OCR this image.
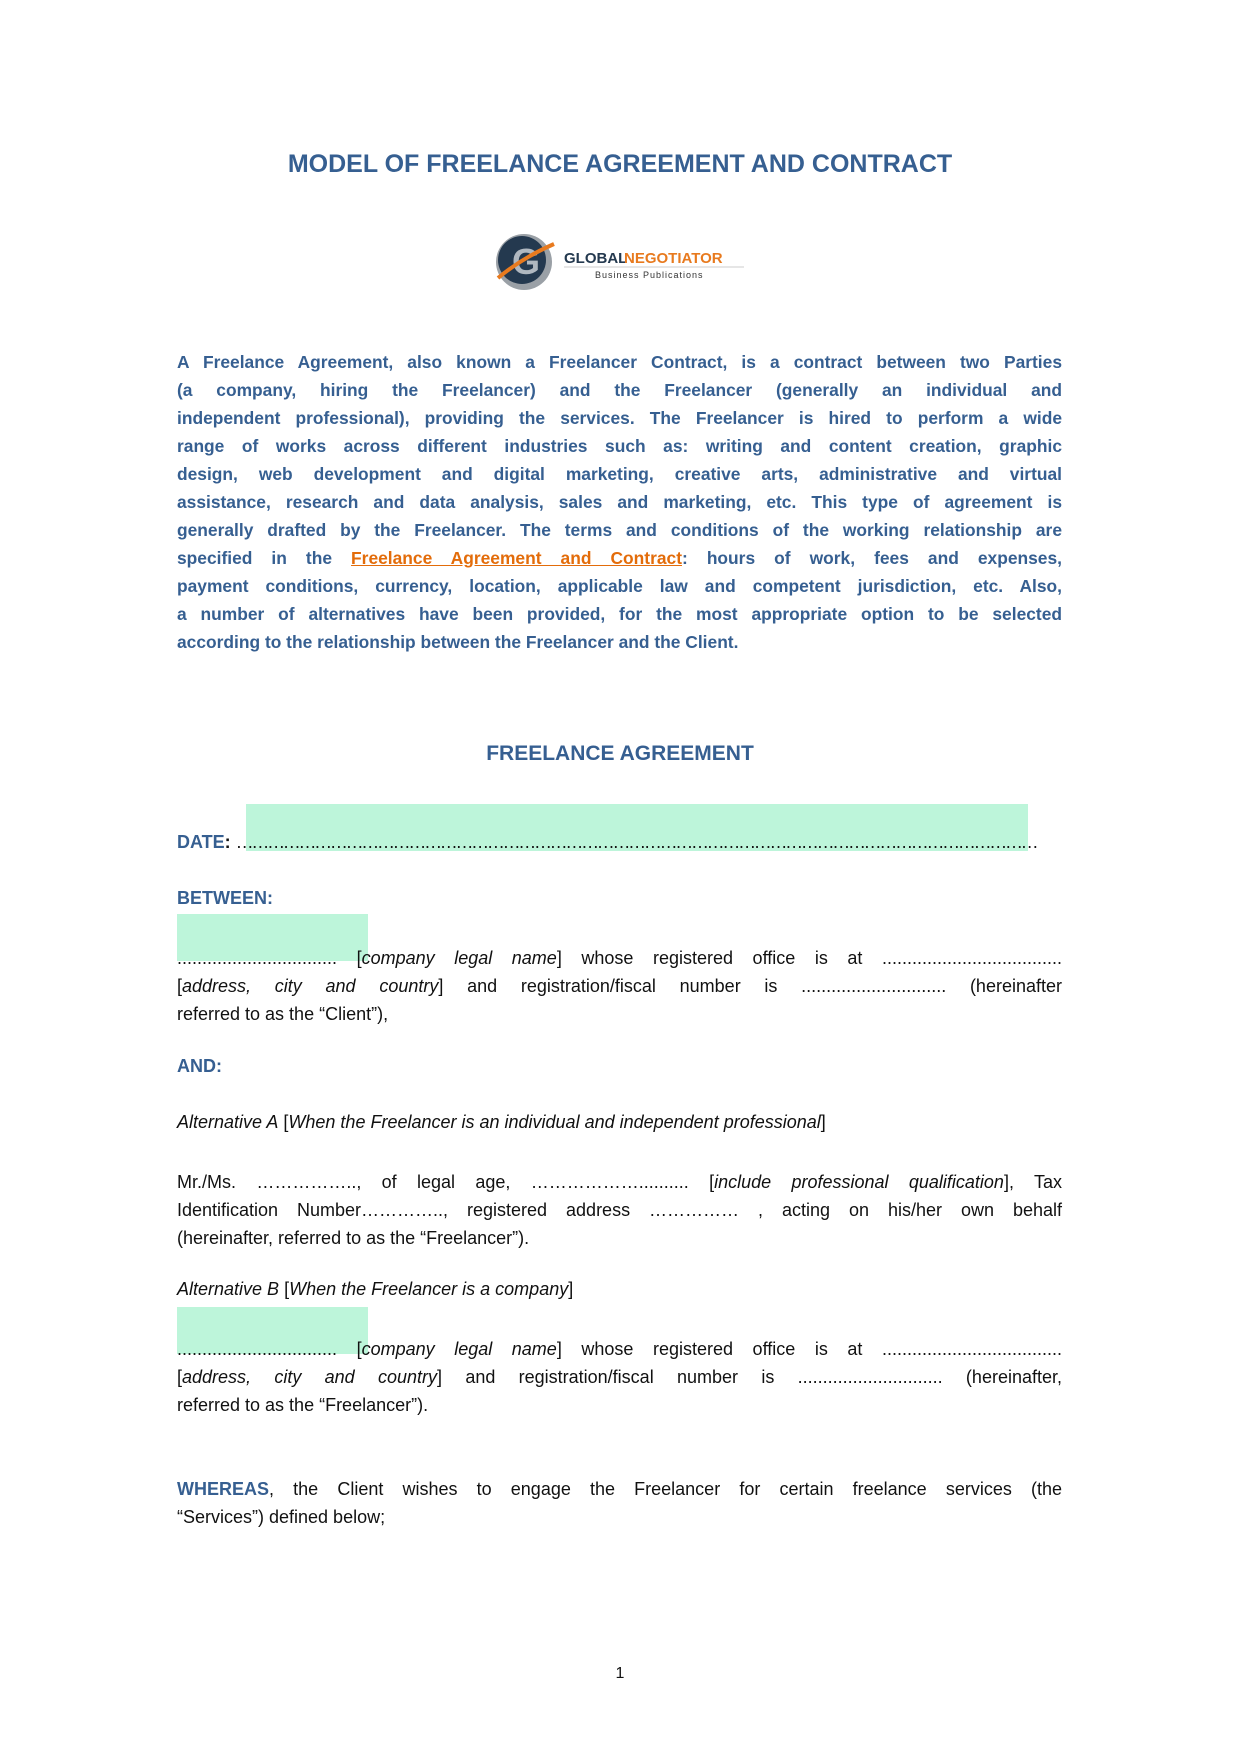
MODEL OF FREELANCE AGREEMENT AND CONTRACT
G GLOBAL
NEGOTIATOR
Business Publications
A Freelance Agreement, also known a Freelancer Contract, is a contract between two Parties
(a company, hiring the Freelancer) and the Freelancer (generally an individual and
independent professional), providing the services. The Freelancer is hired to perform a wide
range of works across different industries such as: writing and content creation, graphic
design, web development and digital marketing, creative arts, administrative and virtual
assistance, research and data analysis, sales and marketing, etc. This type of agreement is
generally drafted by the Freelancer. The terms and conditions of the working relationship are
specified in the Freelance Agreement and Contract: hours of work, fees and expenses,
payment conditions, currency, location, applicable law and competent jurisdiction, etc. Also,
a number of alternatives have been provided, for the most appropriate option to be selected
according to the relationship between the Freelancer and the Client.
FREELANCE AGREEMENT
DATE: ………………………………………………………………………………………………………………………………………
BETWEEN:
................................ [company legal name] whose registered office is at ....................................
[address, city and country] and registration/fiscal number is ............................. (hereinafter
referred to as the “Client”),
AND:
Alternative A [When the Freelancer is an individual and independent professional]
Mr./Ms. …………….., of legal age, ……………….......... [include professional qualification], Tax
Identification Number………….., registered address …………… , acting on his/her own behalf
(hereinafter, referred to as the “Freelancer”).
Alternative B [When the Freelancer is a company]
................................ [company legal name] whose registered office is at ....................................
[address, city and country] and registration/fiscal number is ............................. (hereinafter,
referred to as the “Freelancer”).
WHEREAS, the Client wishes to engage the Freelancer for certain freelance services (the
“Services”) defined below;
1
